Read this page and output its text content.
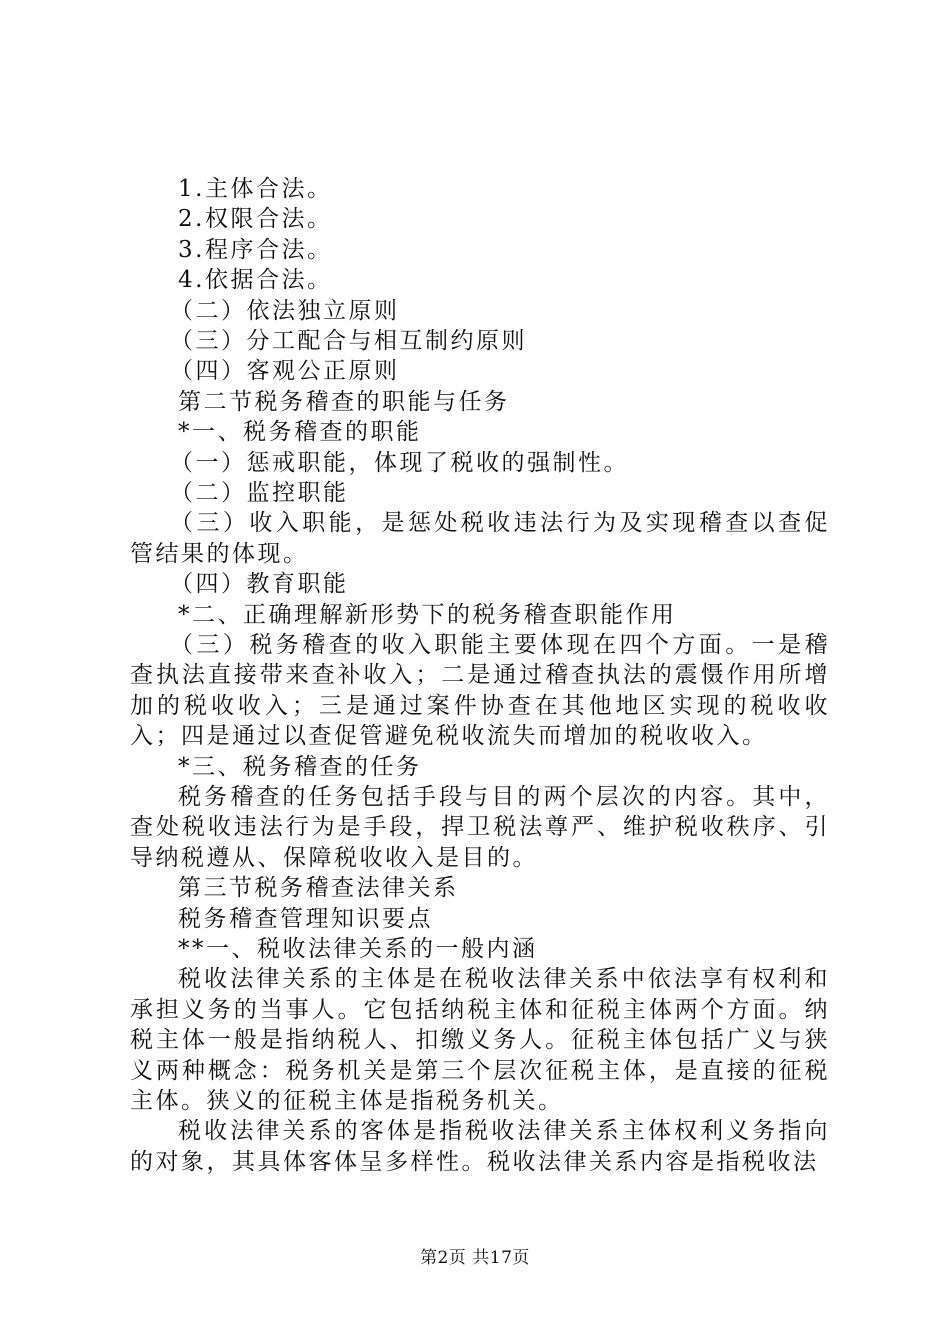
1.主体合法。
2.权限合法。
3.程序合法。
4.依据合法。
（二）依法独立原则
（三）分工配合与相互制约原则
（四）客观公正原则
第二节税务稽查的职能与任务
*一、税务稽查的职能
（一）惩戒职能，体现了税收的强制性。
（二）监控职能
（三）收入职能，是惩处税收违法行为及实现稽查以查促管结果的体现。
（四）教育职能
*二、正确理解新形势下的税务稽查职能作用
（三）税务稽查的收入职能主要体现在四个方面。一是稽查执法直接带来查补收入；二是通过稽查执法的震慑作用所增加的税收收入；三是通过案件协查在其他地区实现的税收收入；四是通过以查促管避免税收流失而增加的税收收入。
*三、税务稽查的任务
税务稽查的任务包括手段与目的两个层次的内容。其中，查处税收违法行为是手段，捍卫税法尊严、维护税收秩序、引导纳税遵从、保障税收收入是目的。
第三节税务稽查法律关系
税务稽查管理知识要点
**一、税收法律关系的一般内涵
税收法律关系的主体是在税收法律关系中依法享有权利和承担义务的当事人。它包括纳税主体和征税主体两个方面。纳税主体一般是指纳税人、扣缴义务人。征税主体包括广义与狭义两种概念：税务机关是第三个层次征税主体，是直接的征税主体。狭义的征税主体是指税务机关。
税收法律关系的客体是指税收法律关系主体权利义务指向的对象，其具体客体呈多样性。税收法律关系内容是指税收法
第2页 共17页
